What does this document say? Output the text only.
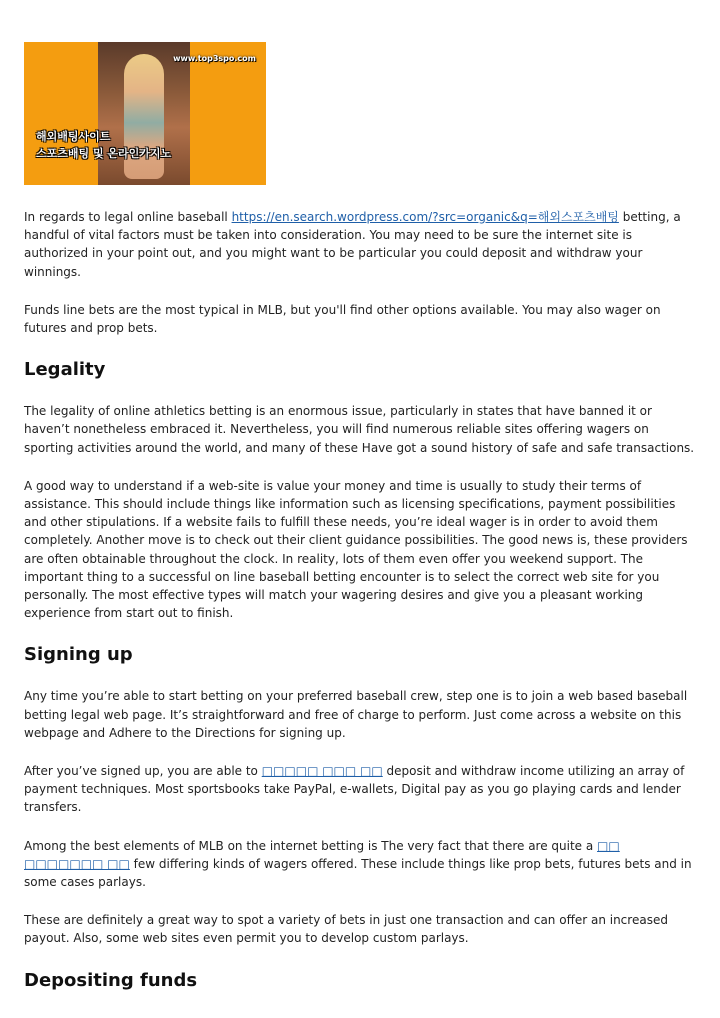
www.top3spo.com
해외배팅사이트
스포츠배팅 및 온라인카지노

In regards to legal online baseball https://en.search.wordpress.com/?src=organic&q=해외스포츠배팅 betting, a handful of vital factors must be taken into consideration. You may need to be sure the internet site is authorized in your point out, and you might want to be particular you could deposit and withdraw your winnings.

Funds line bets are the most typical in MLB, but you'll find other options available. You may also wager on futures and prop bets.

Legality

The legality of online athletics betting is an enormous issue, particularly in states that have banned it or haven’t nonetheless embraced it. Nevertheless, you will find numerous reliable sites offering wagers on sporting activities around the world, and many of these Have got a sound history of safe and safe transactions.

A good way to understand if a web-site is value your money and time is usually to study their terms of assistance. This should include things like information such as licensing specifications, payment possibilities and other stipulations. If a website fails to fulfill these needs, you’re ideal wager is in order to avoid them completely. Another move is to check out their client guidance possibilities. The good news is, these providers are often obtainable throughout the clock. In reality, lots of them even offer you weekend support. The important thing to a successful on line baseball betting encounter is to select the correct web site for you personally. The most effective types will match your wagering desires and give you a pleasant working experience from start out to finish.

Signing up

Any time you’re able to start betting on your preferred baseball crew, step one is to join a web based baseball betting legal web page. It’s straightforward and free of charge to perform. Just come across a website on this webpage and Adhere to the Directions for signing up.

After you’ve signed up, you are able to □□□□□ □□□ □□ deposit and withdraw income utilizing an array of payment techniques. Most sportsbooks take PayPal, e-wallets, Digital pay as you go playing cards and lender transfers.

Among the best elements of MLB on the internet betting is The very fact that there are quite a □□ □□□□□□□ □□ few differing kinds of wagers offered. These include things like prop bets, futures bets and in some cases parlays.

These are definitely a great way to spot a variety of bets in just one transaction and can offer an increased payout. Also, some web sites even permit you to develop custom parlays.

Depositing funds
